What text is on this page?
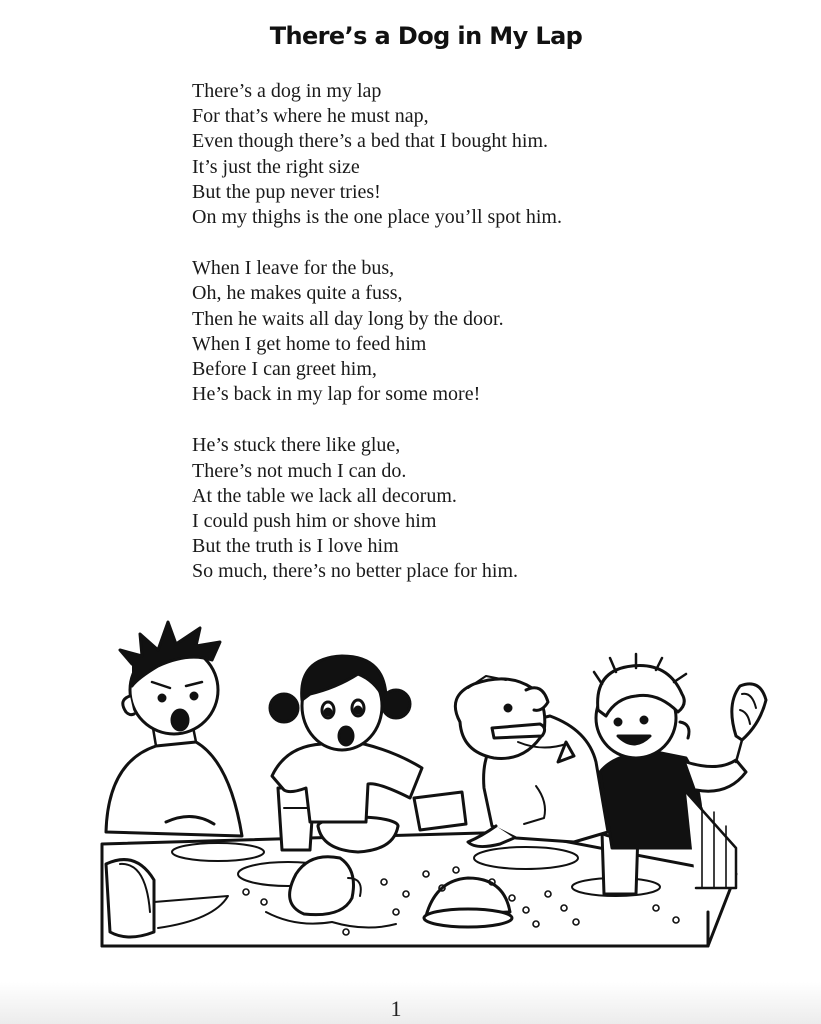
There’s a Dog in My Lap
There’s a dog in my lap
For that’s where he must nap,
Even though there’s a bed that I bought him.
It’s just the right size
But the pup never tries!
On my thighs is the one place you’ll spot him.
When I leave for the bus,
Oh, he makes quite a fuss,
Then he waits all day long by the door.
When I get home to feed him
Before I can greet him,
He’s back in my lap for some more!
He’s stuck there like glue,
There’s not much I can do.
At the table we lack all decorum.
I could push him or shove him
But the truth is I love him
So much, there’s no better place for him.
1
